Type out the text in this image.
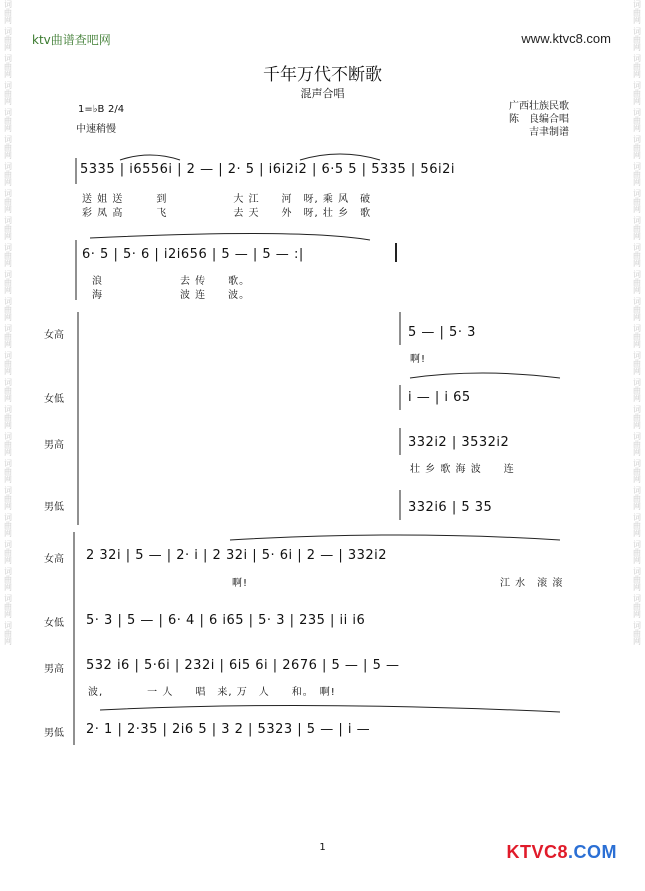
词曲网
词曲网
词曲网
词曲网
词曲网
词曲网
词曲网
词曲网
词曲网
词曲网
词曲网
词曲网
词曲网
词曲网
词曲网
词曲网
词曲网
词曲网
词曲网
词曲网
词曲网
词曲网
词曲网
词曲网
词曲网
词曲网
词曲网
词曲网
词曲网
词曲网
词曲网
词曲网
词曲网
词曲网
词曲网
词曲网
词曲网
词曲网
词曲网
词曲网
词曲网
词曲网
词曲网
词曲网
词曲网
词曲网
词曲网
词曲网
ktv曲谱查吧网	www.ktvc8.com
千年万代不断歌
混声合唱
1=♭B 2/4
中速稍慢
广西壮族民歌
陈　良编合唱
吉聿制谱
5335 | i6556i | 2 — | 2· 5 | i6i2i2 | 6·5 5 | 5335 | 56i2i
送 姐 送　　　到　　　　　　大 江　　河　呀, 乘 风　破
彩 凤 高　　　飞　　　　　　去 天　　外　呀, 壮 乡　歌
6· 5 | 5· 6 | i2i656 | 5 — | 5 — :|
浪　　　　　　　去 传　　歌。
海　　　　　　　波 连　　波。
女高
女低
男高
男低
5 — | 5· 3
啊!
i — | i 65
332i2 | 3532i2
壮 乡 歌 海 波　　连
332i6 | 5 35
女高
女低
男高
男低
2 32i | 5 — | 2· i | 2 32i | 5· 6i | 2 — | 332i2
啊!	江 水　滚 滚
5· 3 | 5 — | 6· 4 | 6 i65 | 5· 3 | 235 | ii i6
532 i6 | 5·6i | 232i | 6i5 6i | 2676 | 5 — | 5 —
波,　　　　一 人　　唱　来, 万　人　　和。　啊!
2· 1 | 2·35 | 2i6 5 | 3 2 | 5323 | 5 — | i —
1	KTVC8.COM
